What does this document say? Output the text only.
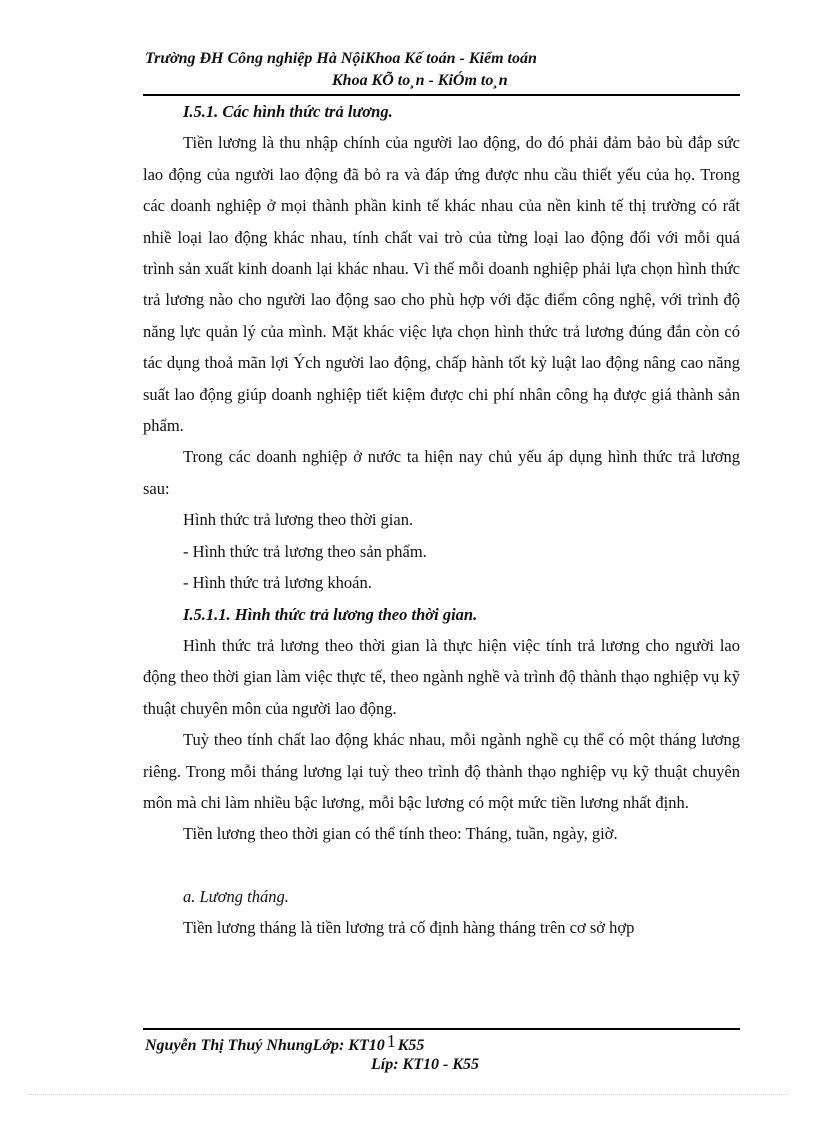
Trường ĐH Công nghiệp Hà NộiKhoa Kế toán - Kiểm toán
Khoa KÕ to¸n - KiÓm to¸n

I.5.1. Các hình thức trả lương.

Tiền lương là thu nhập chính của người lao động, do đó phải đảm bảo bù đắp sức lao động của người lao động đã bỏ ra và đáp ứng được nhu cầu thiết yếu của họ. Trong các doanh nghiệp ở mọi thành phần kinh tế khác nhau của nền kinh tế thị trường có rất nhiề loại lao động khác nhau, tính chất vai trò của từng loại lao động đối với mỗi quá trình sản xuất kinh doanh lại khác nhau. Vì thế mỗi doanh nghiệp phải lựa chọn hình thức trả lương nào cho người lao động sao cho phù hợp với đặc điểm công nghệ, với trình độ năng lực quản lý của mình. Mặt khác việc lựa chọn hình thức trả lương đúng đắn còn có tác dụng thoả mãn lợi Ých người lao động, chấp hành tốt kỷ luật lao động nâng cao năng suất lao động giúp doanh nghiệp tiết kiệm được chi phí nhân công hạ được giá thành sản phẩm.

Trong các doanh nghiệp ở nước ta hiện nay chủ yếu áp dụng hình thức trả lương sau:

Hình thức trả lương theo thời gian.

- Hình thức trả lương theo sản phẩm.

- Hình thức trả lương khoán.

I.5.1.1. Hình thức trả lương theo thời gian.

Hình thức trả lương theo thời gian là thực hiện việc tính trả lương cho người lao động theo thời gian làm việc thực tế, theo ngành nghề và trình độ thành thạo nghiệp vụ kỹ thuật chuyên môn của người lao động.

Tuỳ theo tính chất lao động khác nhau, mỗi ngành nghề cụ thể có một tháng lương riêng. Trong mỗi tháng lương lại tuỳ theo trình độ thành thạo nghiệp vụ kỹ thuật chuyên môn mà chi làm nhiều bậc lương, mỗi bậc lương có một mức tiền lương nhất định.

Tiền lương theo thời gian có thể tính theo: Tháng, tuần, ngày, giờ.

a. Lương tháng.

Tiền lương tháng là tiền lương trả cố định hàng tháng trên cơ sở hợp

Nguyễn Thị Thuý NhungLớp: KT10 1 K55
Líp: KT10 - K55
